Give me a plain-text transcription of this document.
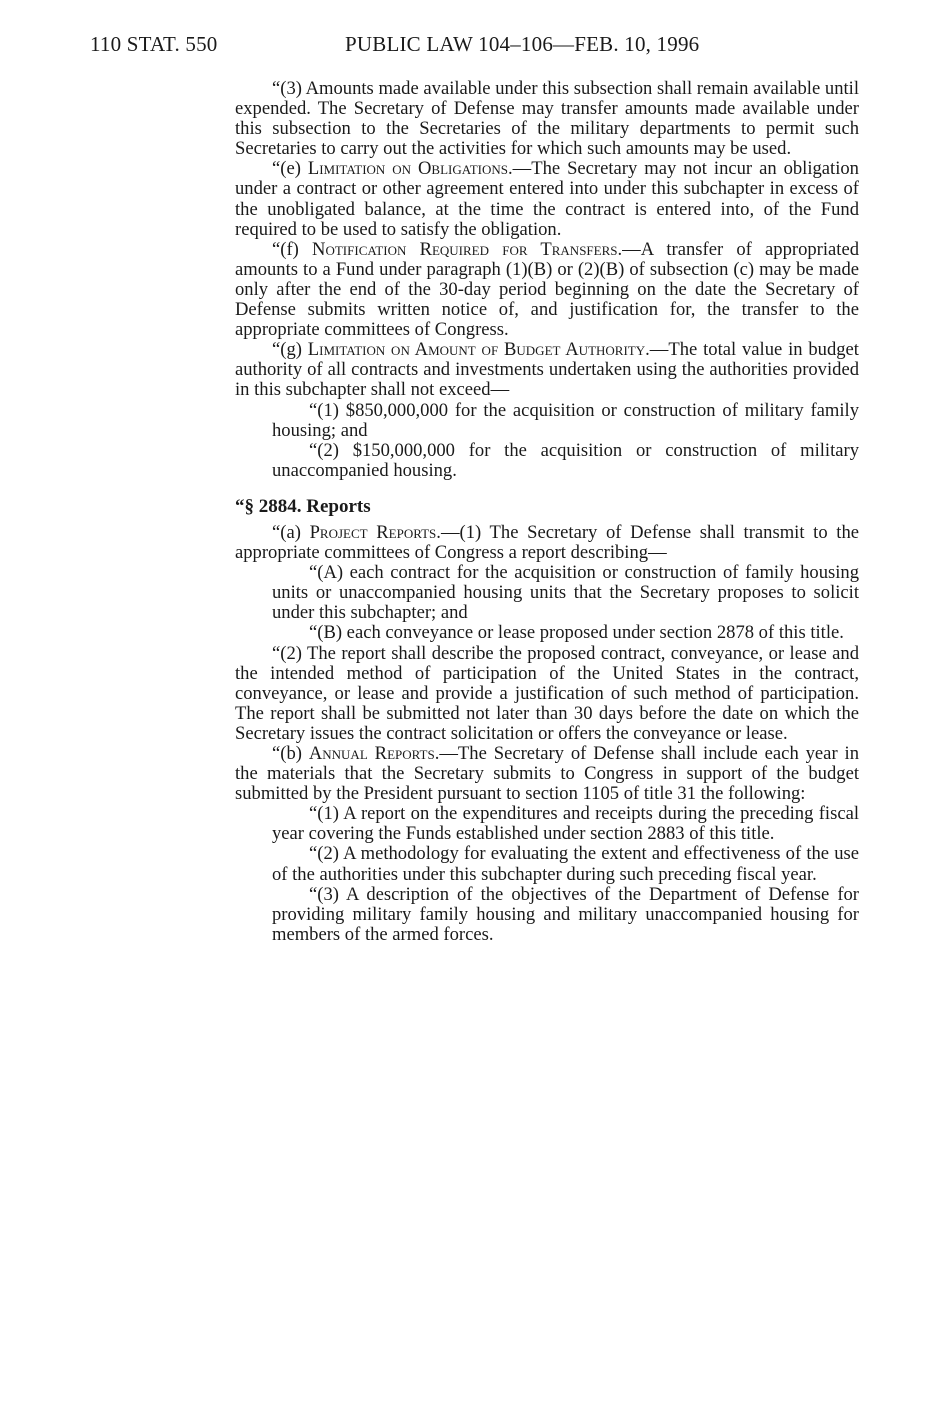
110 STAT. 550	PUBLIC LAW 104–106—FEB. 10, 1996

“(3) Amounts made available under this subsection shall remain available until expended. The Secretary of Defense may transfer amounts made available under this subsection to the Secretaries of the military departments to permit such Secretaries to carry out the activities for which such amounts may be used.

“(e) Limitation on Obligations.—The Secretary may not incur an obligation under a contract or other agreement entered into under this subchapter in excess of the unobligated balance, at the time the contract is entered into, of the Fund required to be used to satisfy the obligation.

“(f) Notification Required for Transfers.—A transfer of appropriated amounts to a Fund under paragraph (1)(B) or (2)(B) of subsection (c) may be made only after the end of the 30-day period beginning on the date the Secretary of Defense submits written notice of, and justification for, the transfer to the appropriate committees of Congress.

“(g) Limitation on Amount of Budget Authority.—The total value in budget authority of all contracts and investments undertaken using the authorities provided in this subchapter shall not exceed—

“(1) $850,000,000 for the acquisition or construction of military family housing; and

“(2) $150,000,000 for the acquisition or construction of military unaccompanied housing.

“§ 2884. Reports

“(a) Project Reports.—(1) The Secretary of Defense shall transmit to the appropriate committees of Congress a report describing—

“(A) each contract for the acquisition or construction of family housing units or unaccompanied housing units that the Secretary proposes to solicit under this subchapter; and

“(B) each conveyance or lease proposed under section 2878 of this title.

“(2) The report shall describe the proposed contract, conveyance, or lease and the intended method of participation of the United States in the contract, conveyance, or lease and provide a justification of such method of participation. The report shall be submitted not later than 30 days before the date on which the Secretary issues the contract solicitation or offers the conveyance or lease.

“(b) Annual Reports.—The Secretary of Defense shall include each year in the materials that the Secretary submits to Congress in support of the budget submitted by the President pursuant to section 1105 of title 31 the following:

“(1) A report on the expenditures and receipts during the preceding fiscal year covering the Funds established under section 2883 of this title.

“(2) A methodology for evaluating the extent and effectiveness of the use of the authorities under this subchapter during such preceding fiscal year.

“(3) A description of the objectives of the Department of Defense for providing military family housing and military unaccompanied housing for members of the armed forces.
